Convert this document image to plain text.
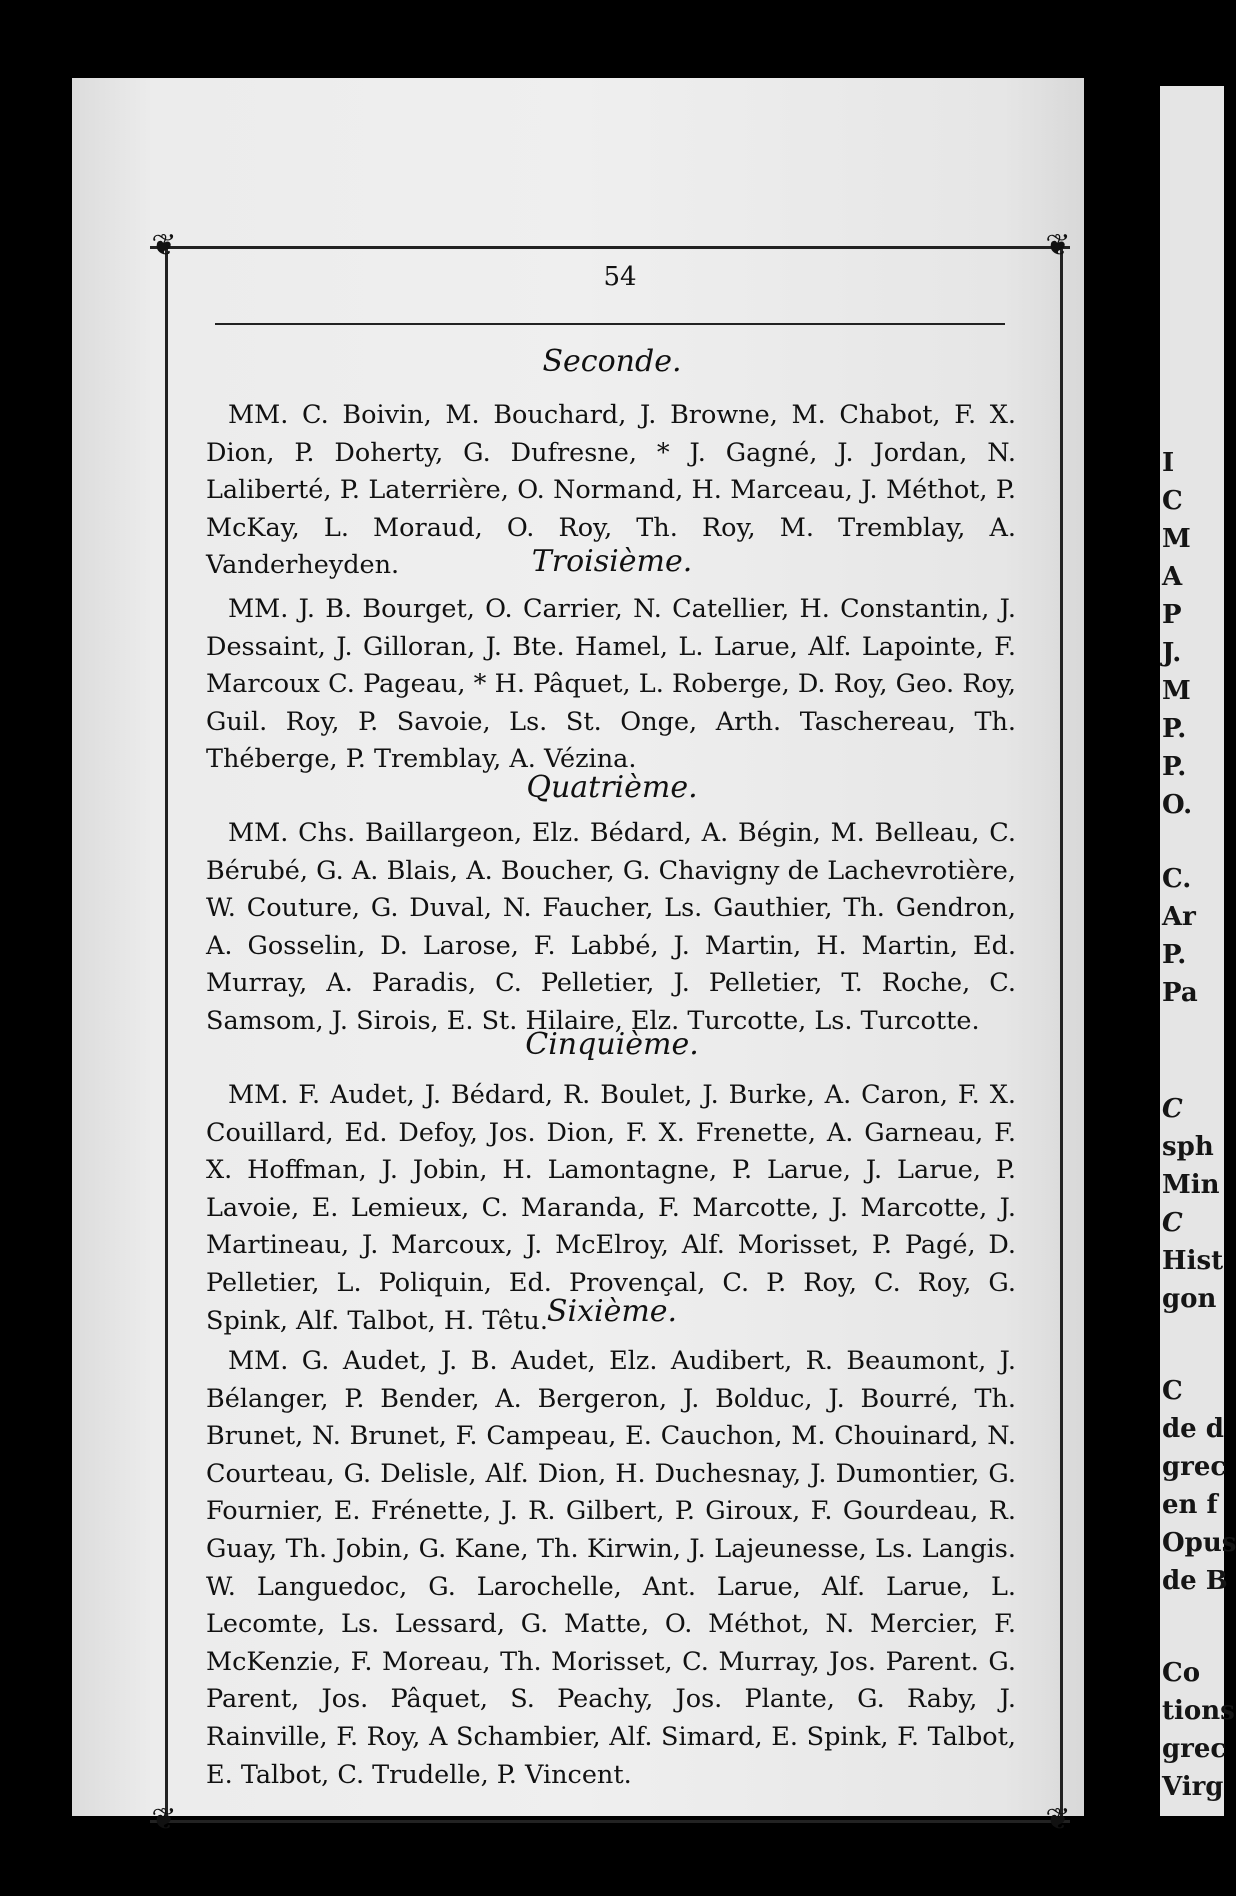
I
C
M
A
P
J.
M
P.
P.
O.
C.
Ar
P.
Pa
C
sph
Min
C
Hist
gon
C
de d
grec
en f
Opus
de B
Co
tions
grec
Virg
❦	❦
❦	❦
54
Seconde.
MM. C. Boivin, M. Bouchard, J. Browne, M. Chabot, F. X. Dion, P. Doherty, G. Dufresne, * J. Gagné, J. Jordan, N. Laliberté, P. Laterrière, O. Normand, H. Marceau, J. Méthot, P. McKay, L. Moraud, O. Roy, Th. Roy, M. Tremblay, A. Vanderheyden.	Troisième.
MM. J. B. Bourget, O. Carrier, N. Catellier, H. Constantin, J. Dessaint, J. Gilloran, J. Bte. Hamel, L. Larue, Alf. Lapointe, F. Marcoux C. Pageau, * H. Pâquet, L. Roberge, D. Roy, Geo. Roy, Guil. Roy, P. Savoie, Ls. St. Onge, Arth. Taschereau, Th. Théberge, P. Tremblay, A. Vézina.
Quatrième.
MM. Chs. Baillargeon, Elz. Bédard, A. Bégin, M. Belleau, C. Bérubé, G. A. Blais, A. Boucher, G. Chavigny de Lachevrotière, W. Couture, G. Duval, N. Faucher, Ls. Gauthier, Th. Gendron, A. Gosselin, D. Larose, F. Labbé, J. Martin, H. Martin, Ed. Murray, A. Paradis, C. Pelletier, J. Pelletier, T. Roche, C. Samsom, J. Sirois, E. St. Hilaire, Elz. Turcotte, Ls. Turcotte.
Cinquième.
MM. F. Audet, J. Bédard, R. Boulet, J. Burke, A. Caron, F. X. Couillard, Ed. Defoy, Jos. Dion, F. X. Frenette, A. Garneau, F. X. Hoffman, J. Jobin, H. Lamontagne, P. Larue, J. Larue, P. Lavoie, E. Lemieux, C. Maranda, F. Marcotte, J. Marcotte, J. Martineau, J. Marcoux, J. McElroy, Alf. Morisset, P. Pagé, D. Pelletier, L. Poliquin, Ed. Provençal, C. P. Roy, C. Roy, G. Spink, Alf. Talbot, H. Têtu.
Sixième.
MM. G. Audet, J. B. Audet, Elz. Audibert, R. Beaumont, J. Bélanger, P. Bender, A. Bergeron, J. Bolduc, J. Bourré, Th. Brunet, N. Brunet, F. Campeau, E. Cauchon, M. Chouinard, N. Courteau, G. Delisle, Alf. Dion, H. Duchesnay, J. Dumontier, G. Fournier, E. Frénette, J. R. Gilbert, P. Giroux, F. Gourdeau, R. Guay, Th. Jobin, G. Kane, Th. Kirwin, J. Lajeunesse, Ls. Langis. W. Languedoc, G. Larochelle, Ant. Larue, Alf. Larue, L. Lecomte, Ls. Lessard, G. Matte, O. Méthot, N. Mercier, F. McKenzie, F. Moreau, Th. Morisset, C. Murray, Jos. Parent. G. Parent, Jos. Pâquet, S. Peachy, Jos. Plante, G. Raby, J. Rainville, F. Roy, A Schambier, Alf. Simard, E. Spink, F. Talbot, E. Talbot, C. Trudelle, P. Vincent.
